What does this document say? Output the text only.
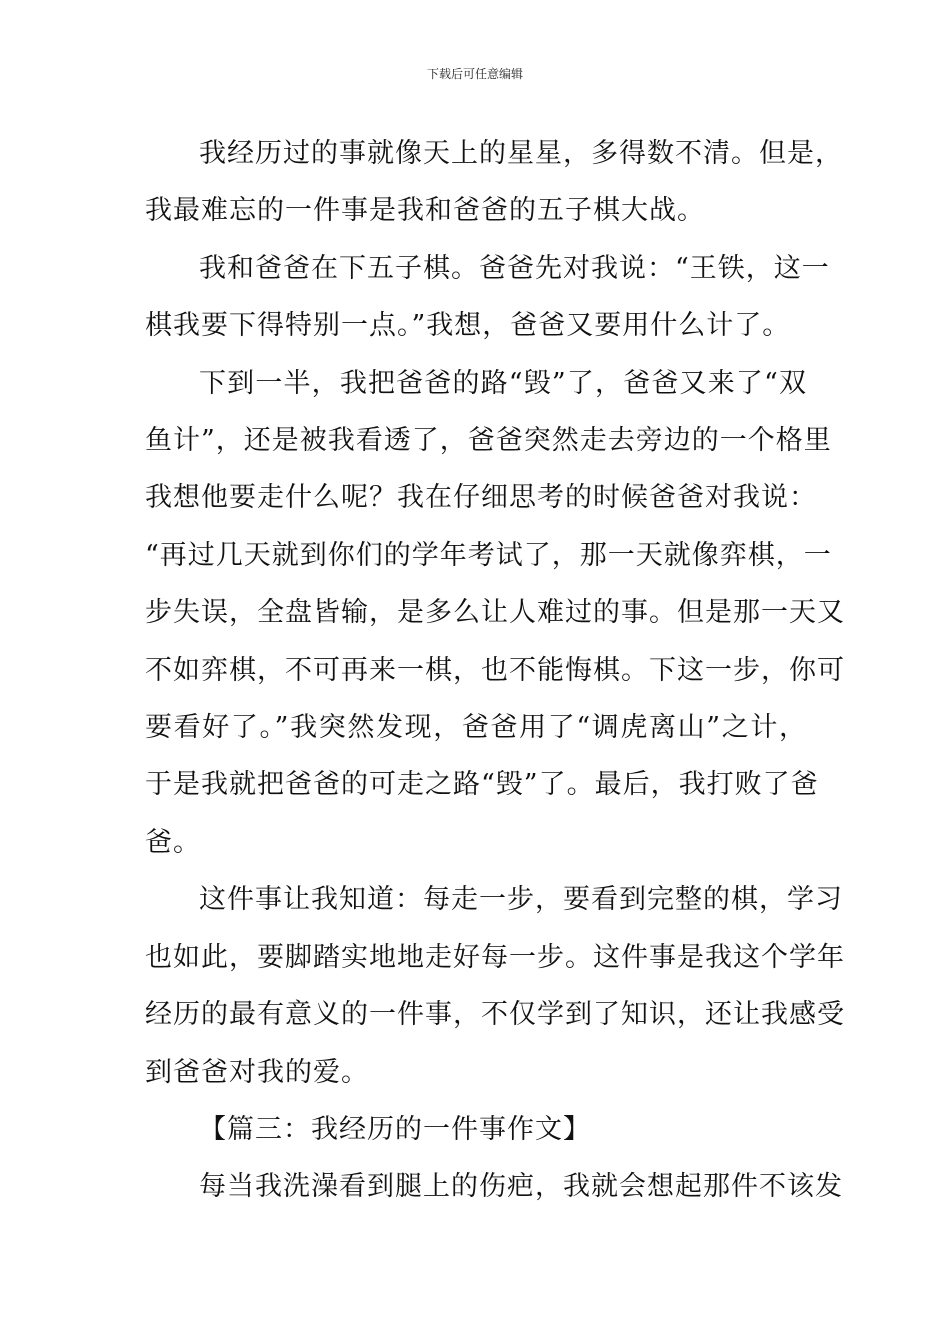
下载后可任意编辑

我经历过的事就像天上的星星，多得数不清。但是，
我最难忘的一件事是我和爸爸的五子棋大战。

我和爸爸在下五子棋。爸爸先对我说：“王铁，这一
棋我要下得特别一点。”我想，爸爸又要用什么计了。

下到一半，我把爸爸的路“毁”了，爸爸又来了“双
鱼计”，还是被我看透了，爸爸突然走去旁边的一个格里
我想他要走什么呢？我在仔细思考的时候爸爸对我说：
“再过几天就到你们的学年考试了，那一天就像弈棋，一
步失误，全盘皆输，是多么让人难过的事。但是那一天又
不如弈棋，不可再来一棋，也不能悔棋。下这一步，你可
要看好了。”我突然发现，爸爸用了“调虎离山”之计，
于是我就把爸爸的可走之路“毁”了。最后，我打败了爸
爸。

这件事让我知道：每走一步，要看到完整的棋，学习
也如此，要脚踏实地地走好每一步。这件事是我这个学年
经历的最有意义的一件事，不仅学到了知识，还让我感受
到爸爸对我的爱。

【篇三：我经历的一件事作文】

每当我洗澡看到腿上的伤疤，我就会想起那件不该发
